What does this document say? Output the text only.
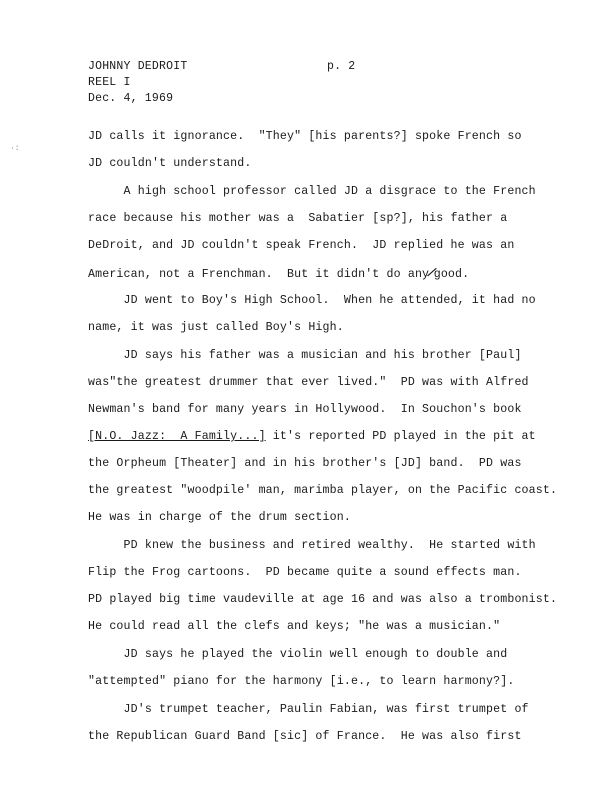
·:
JOHNNY DEDROIT
REEL I
Dec. 4, 1969
p. 2
JD calls it ignorance.  "They" [his parents?] spoke French so
JD couldn't understand.
A high school professor called JD a disgrace to the French
race because his mother was a  Sabatier [sp?], his father a
DeDroit, and JD couldn't speak French.  JD replied he was an
American, not a Frenchman.  But it didn't do any/good.
JD went to Boy's High School.  When he attended, it had no
name, it was just called Boy's High.
JD says his father was a musician and his brother [Paul]
was"the greatest drummer that ever lived."  PD was with Alfred
Newman's band for many years in Hollywood.  In Souchon's book
[N.O. Jazz:  A Family...] it's reported PD played in the pit at
the Orpheum [Theater] and in his brother's [JD] band.  PD was
the greatest "woodpile' man, marimba player, on the Pacific coast.
He was in charge of the drum section.
PD knew the business and retired wealthy.  He started with
Flip the Frog cartoons.  PD became quite a sound effects man.
PD played big time vaudeville at age 16 and was also a trombonist.
He could read all the clefs and keys; "he was a musician."
JD says he played the violin well enough to double and
"attempted" piano for the harmony [i.e., to learn harmony?].
JD's trumpet teacher, Paulin Fabian, was first trumpet of
the Republican Guard Band [sic] of France.  He was also first
